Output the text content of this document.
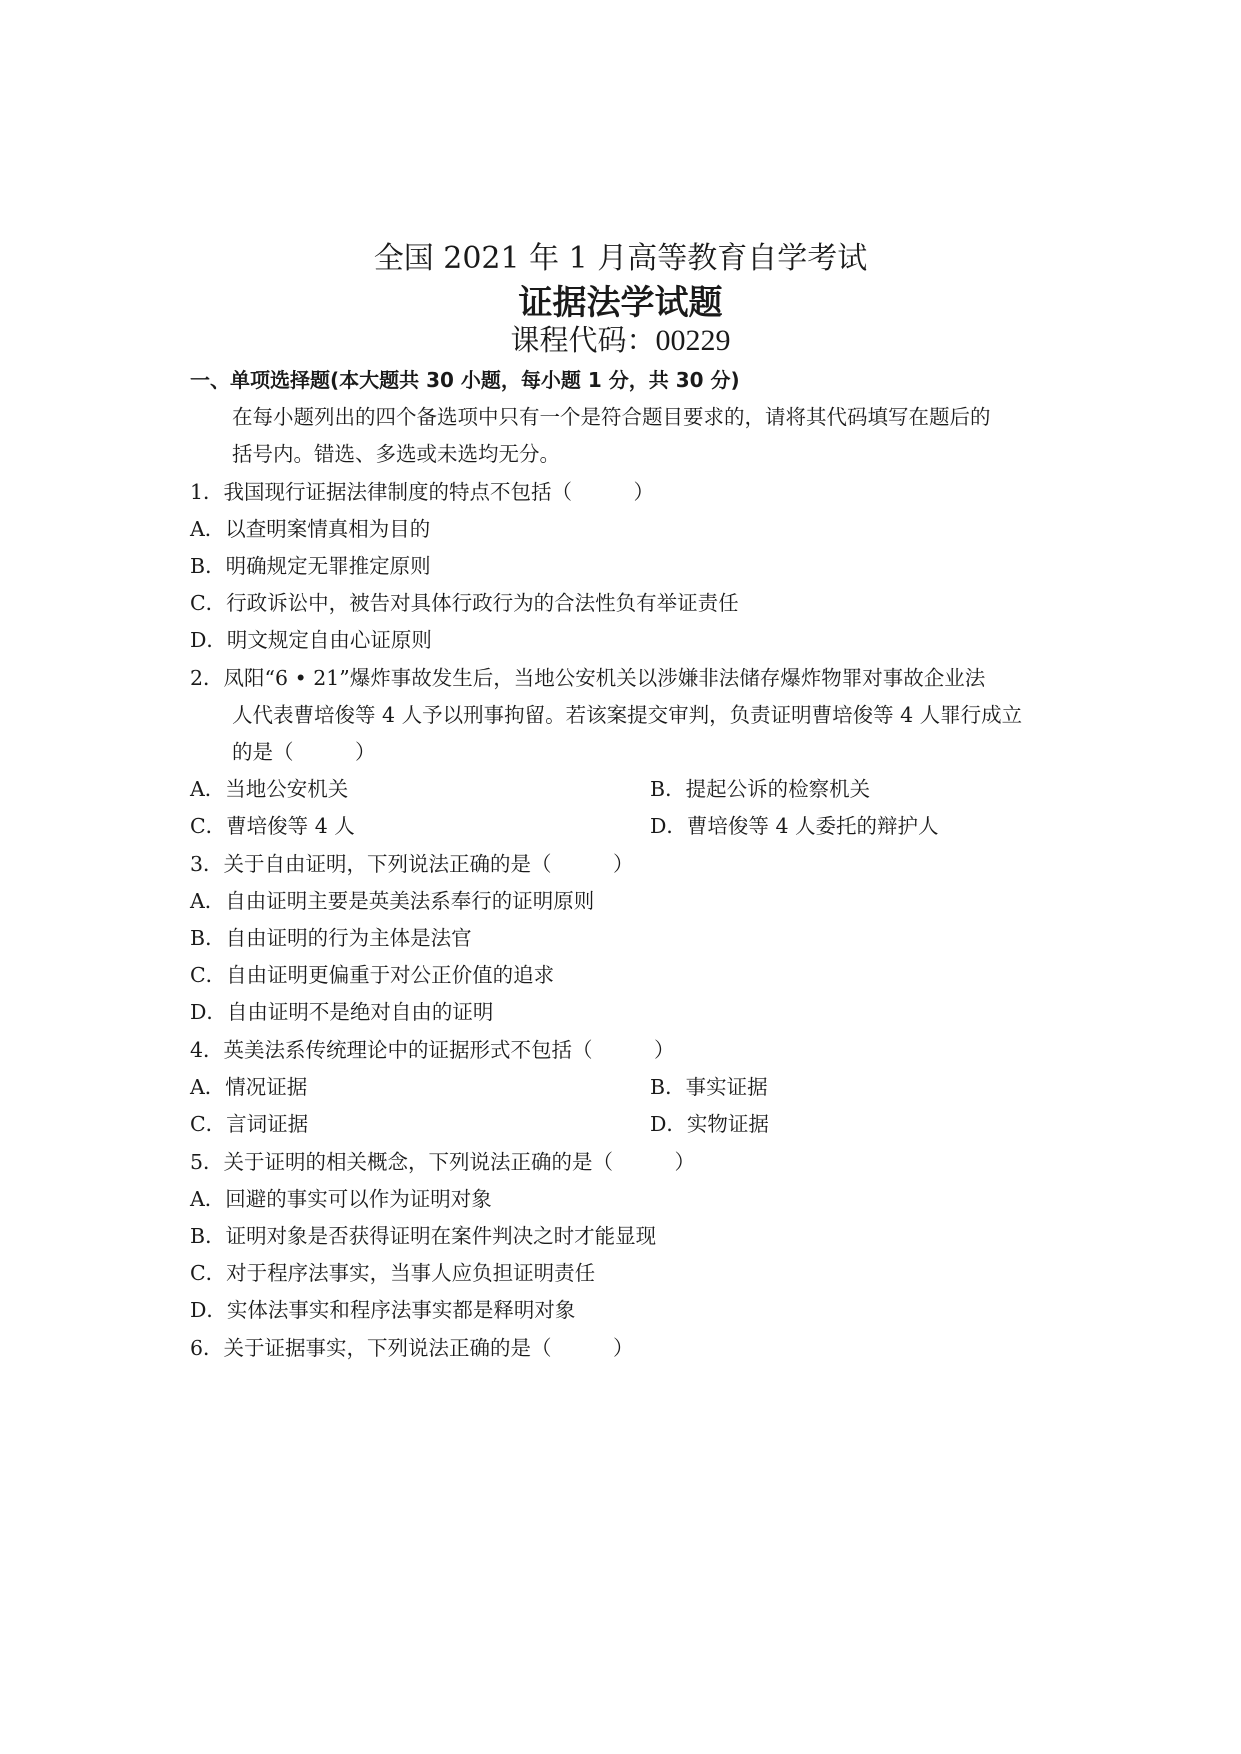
全国 2021 年 1 月高等教育自学考试
证据法学试题
课程代码：00229
一、单项选择题(本大题共 30 小题，每小题 1 分，共 30 分)
在每小题列出的四个备选项中只有一个是符合题目要求的，请将其代码填写在题后的
括号内。错选、多选或未选均无分。
1．我国现行证据法律制度的特点不包括（　　　）
A．以查明案情真相为目的
B．明确规定无罪推定原则
C．行政诉讼中，被告对具体行政行为的合法性负有举证责任
D．明文规定自由心证原则
2．凤阳“6 • 21”爆炸事故发生后，当地公安机关以涉嫌非法储存爆炸物罪对事故企业法
人代表曹培俊等 4 人予以刑事拘留。若该案提交审判，负责证明曹培俊等 4 人罪行成立
的是（　　　）
A．当地公安机关	B．提起公诉的检察机关
C．曹培俊等 4 人	D．曹培俊等 4 人委托的辩护人
3．关于自由证明，下列说法正确的是（　　　）
A．自由证明主要是英美法系奉行的证明原则
B．自由证明的行为主体是法官
C．自由证明更偏重于对公正价值的追求
D．自由证明不是绝对自由的证明
4．英美法系传统理论中的证据形式不包括（　　　）
A．情况证据	B．事实证据
C．言词证据	D．实物证据
5．关于证明的相关概念，下列说法正确的是（　　　）
A．回避的事实可以作为证明对象
B．证明对象是否获得证明在案件判决之时才能显现
C．对于程序法事实，当事人应负担证明责任
D．实体法事实和程序法事实都是释明对象
6．关于证据事实，下列说法正确的是（　　　）
